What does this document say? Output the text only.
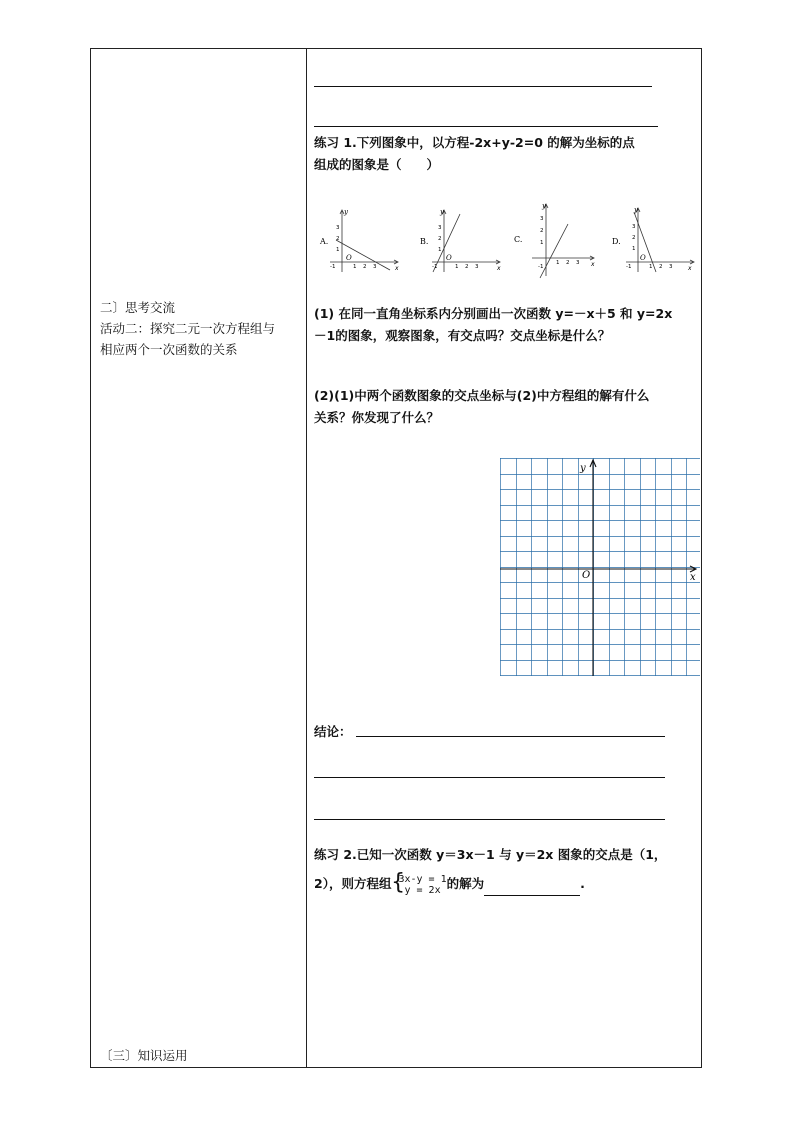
二〕思考交流
活动二：探究二元一次方程组与
相应两个一次函数的关系
〔三〕知识运用
练习 1.下列图象中，以方程-2x+y-2=0 的解为坐标的点
组成的图象是（　　）
A.
y
O
3
2
1
-1	1 2 3	x
B.
y
O
3
2
1
-1	1 2 3	x
C.
y
3
2
1
-1
1 2 3 x
D.
y
O
3
2
1
-1	1 2 3	x
(1) 在同一直角坐标系内分别画出一次函数 y=－x＋5 和 y=2x
－1的图象，观察图象，有交点吗？交点坐标是什么？
(2)(1)中两个函数图象的交点坐标与(2)中方程组的解有什么
关系？你发现了什么？
x
y
O
结论：
练习 2.已知一次函数 y＝3x－1 与 y＝2x 图象的交点是（1，
2），则方程组 {
3x-y = 1
y = 2x 的解为	.
